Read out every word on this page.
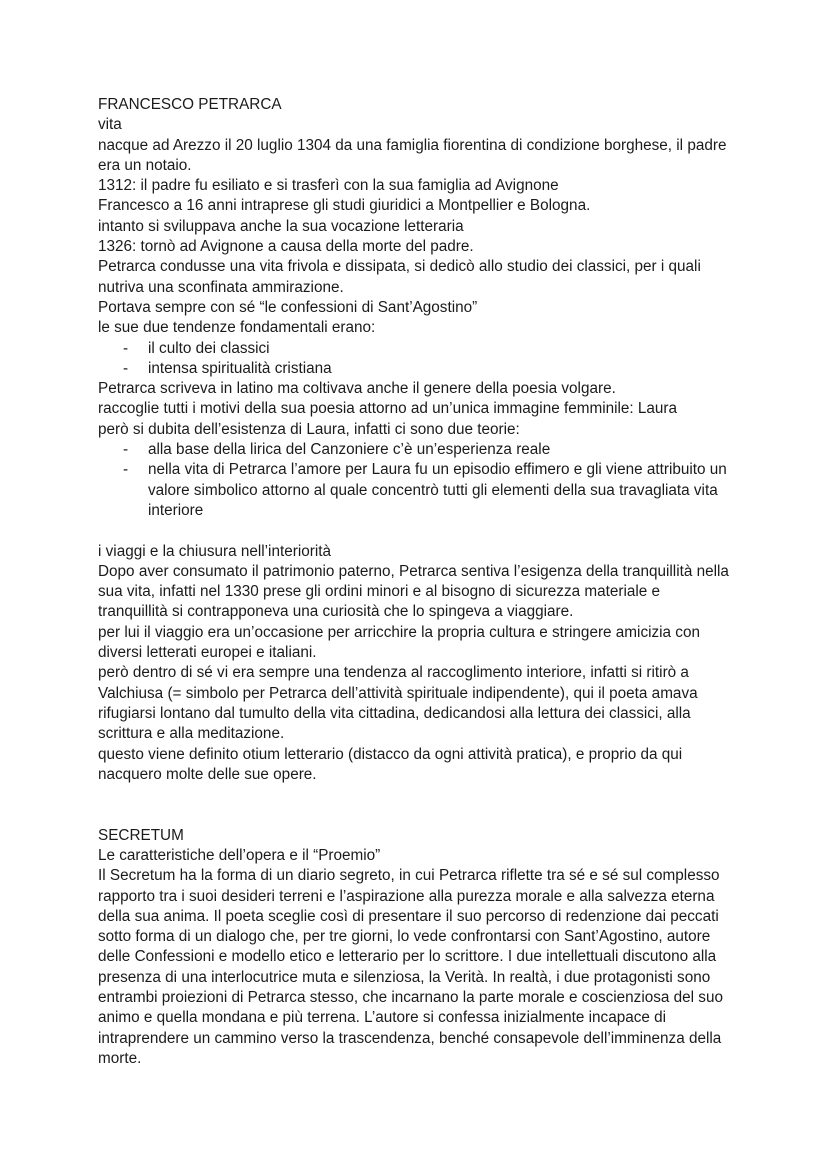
FRANCESCO PETRARCA
vita

nacque ad Arezzo il 20 luglio 1304 da una famiglia fiorentina di condizione borghese, il padre era un notaio.

1312: il padre fu esiliato e si trasferì con la sua famiglia ad Avignone

Francesco a 16 anni intraprese gli studi giuridici a Montpellier e Bologna.

intanto si sviluppava anche la sua vocazione letteraria

1326: tornò ad Avignone a causa della morte del padre.

Petrarca condusse una vita frivola e dissipata, si dedicò allo studio dei classici, per i quali nutriva una sconfinata ammirazione.

Portava sempre con sé “le confessioni di Sant’Agostino”

le sue due tendenze fondamentali erano:

- il culto dei classici
- intensa spiritualità cristiana

Petrarca scriveva in latino ma coltivava anche il genere della poesia volgare.

raccoglie tutti i motivi della sua poesia attorno ad un’unica immagine femminile: Laura

però si dubita dell’esistenza di Laura, infatti ci sono due teorie:

- alla base della lirica del Canzoniere c’è un’esperienza reale
- nella vita di Petrarca l’amore per Laura fu un episodio effimero e gli viene attribuito un valore simbolico attorno al quale concentrò tutti gli elementi della sua travagliata vita interiore
i viaggi e la chiusura nell’interiorità

Dopo aver consumato il patrimonio paterno, Petrarca sentiva l’esigenza della tranquillità nella sua vita, infatti nel 1330 prese gli ordini minori e al bisogno di sicurezza materiale e tranquillità si contrapponeva una curiosità che lo spingeva a viaggiare.

per lui il viaggio era un’occasione per arricchire la propria cultura e stringere amicizia con diversi letterati europei e italiani.

però dentro di sé vi era sempre una tendenza al raccoglimento interiore, infatti si ritirò a Valchiusa (= simbolo per Petrarca dell’attività spirituale indipendente), qui il poeta amava rifugiarsi lontano dal tumulto della vita cittadina, dedicandosi alla lettura dei classici, alla scrittura e alla meditazione.

questo viene definito otium letterario (distacco da ogni attività pratica), e proprio da qui nacquero molte delle sue opere.

SECRETUM
Le caratteristiche dell’opera e il “Proemio”

Il Secretum ha la forma di un diario segreto, in cui Petrarca riflette tra sé e sé sul complesso rapporto tra i suoi desideri terreni e l’aspirazione alla purezza morale e alla salvezza eterna della sua anima. Il poeta sceglie così di presentare il suo percorso di redenzione dai peccati sotto forma di un dialogo che, per tre giorni, lo vede confrontarsi con Sant’Agostino, autore delle Confessioni e modello etico e letterario per lo scrittore. I due intellettuali discutono alla presenza di una interlocutrice muta e silenziosa, la Verità. In realtà, i due protagonisti sono entrambi proiezioni di Petrarca stesso, che incarnano la parte morale e coscienziosa del suo animo e quella mondana e più terrena. L’autore si confessa inizialmente incapace di intraprendere un cammino verso la trascendenza, benché consapevole dell’imminenza della morte.
